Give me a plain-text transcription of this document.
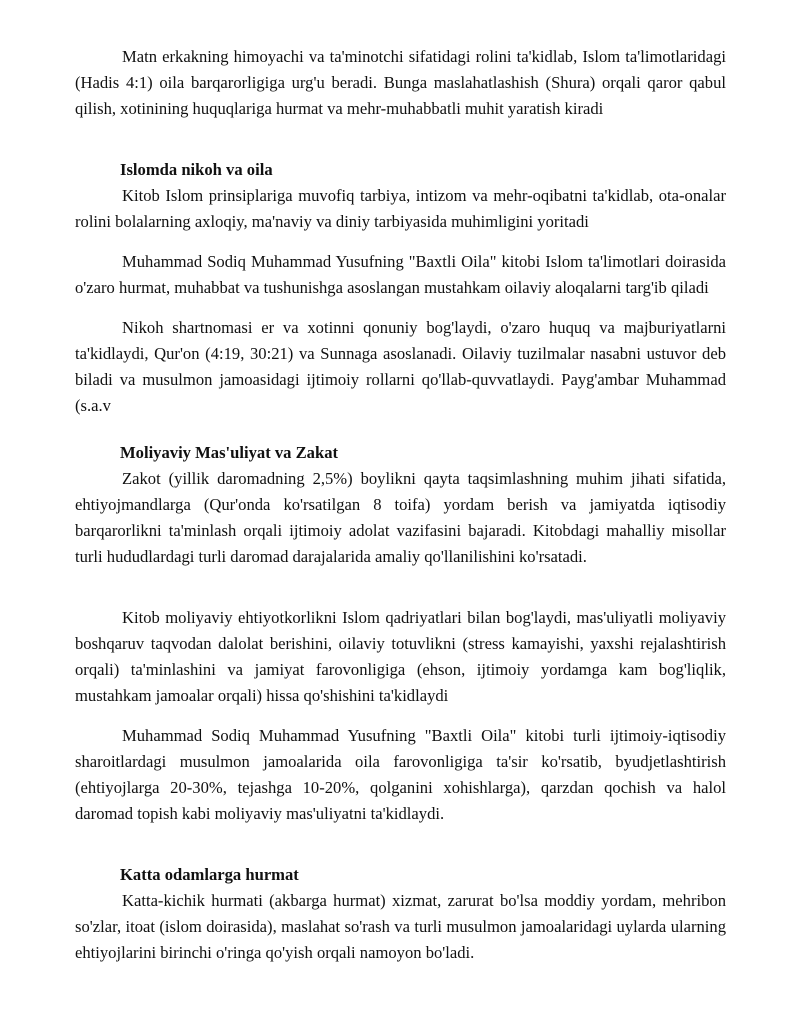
Matn erkakning himoyachi va ta'minotchi sifatidagi rolini ta'kidlab, Islom ta'limotlaridagi (Hadis 4:1) oila barqarorligiga urg'u beradi. Bunga maslahatlashish (Shura) orqali qaror qabul qilish, xotinining huquqlariga hurmat va mehr-muhabbatli muhit yaratish kiradi

Islomda nikoh va oila

Kitob Islom prinsiplariga muvofiq tarbiya, intizom va mehr-oqibatni ta'kidlab, ota-onalar rolini bolalarning axloqiy, ma'naviy va diniy tarbiyasida muhimligini yoritadi

Muhammad Sodiq Muhammad Yusufning "Baxtli Oila" kitobi Islom ta'limotlari doirasida o'zaro hurmat, muhabbat va tushunishga asoslangan mustahkam oilaviy aloqalarni targ'ib qiladi

Nikoh shartnomasi er va xotinni qonuniy bog'laydi, o'zaro huquq va majburiyatlarni ta'kidlaydi, Qur'on (4:19, 30:21) va Sunnaga asoslanadi. Oilaviy tuzilmalar nasabni ustuvor deb biladi va musulmon jamoasidagi ijtimoiy rollarni qo'llab-quvvatlaydi. Payg'ambar Muhammad (s.a.v

Moliyaviy Mas'uliyat va Zakat

Zakot (yillik daromadning 2,5%) boylikni qayta taqsimlashning muhim jihati sifatida, ehtiyojmandlarga (Qur'onda ko'rsatilgan 8 toifa) yordam berish va jamiyatda iqtisodiy barqarorlikni ta'minlash orqali ijtimoiy adolat vazifasini bajaradi. Kitobdagi mahalliy misollar turli hududlardagi turli daromad darajalarida amaliy qo'llanilishini ko'rsatadi.

Kitob moliyaviy ehtiyotkorlikni Islom qadriyatlari bilan bog'laydi, mas'uliyatli moliyaviy boshqaruv taqvodan dalolat berishini, oilaviy totuvlikni (stress kamayishi, yaxshi rejalashtirish orqali) ta'minlashini va jamiyat farovonligiga (ehson, ijtimoiy yordamga kam bog'liqlik, mustahkam jamoalar orqali) hissa qo'shishini ta'kidlaydi

Muhammad Sodiq Muhammad Yusufning "Baxtli Oila" kitobi turli ijtimoiy-iqtisodiy sharoitlardagi musulmon jamoalarida oila farovonligiga ta'sir ko'rsatib, byudjetlashtirish (ehtiyojlarga 20-30%, tejashga 10-20%, qolganini xohishlarga), qarzdan qochish va halol daromad topish kabi moliyaviy mas'uliyatni ta'kidlaydi.

Katta odamlarga hurmat

Katta-kichik hurmati (akbarga hurmat) xizmat, zarurat bo'lsa moddiy yordam, mehribon so'zlar, itoat (islom doirasida), maslahat so'rash va turli musulmon jamoalaridagi uylarda ularning ehtiyojlarini birinchi o'ringa qo'yish orqali namoyon bo'ladi.
